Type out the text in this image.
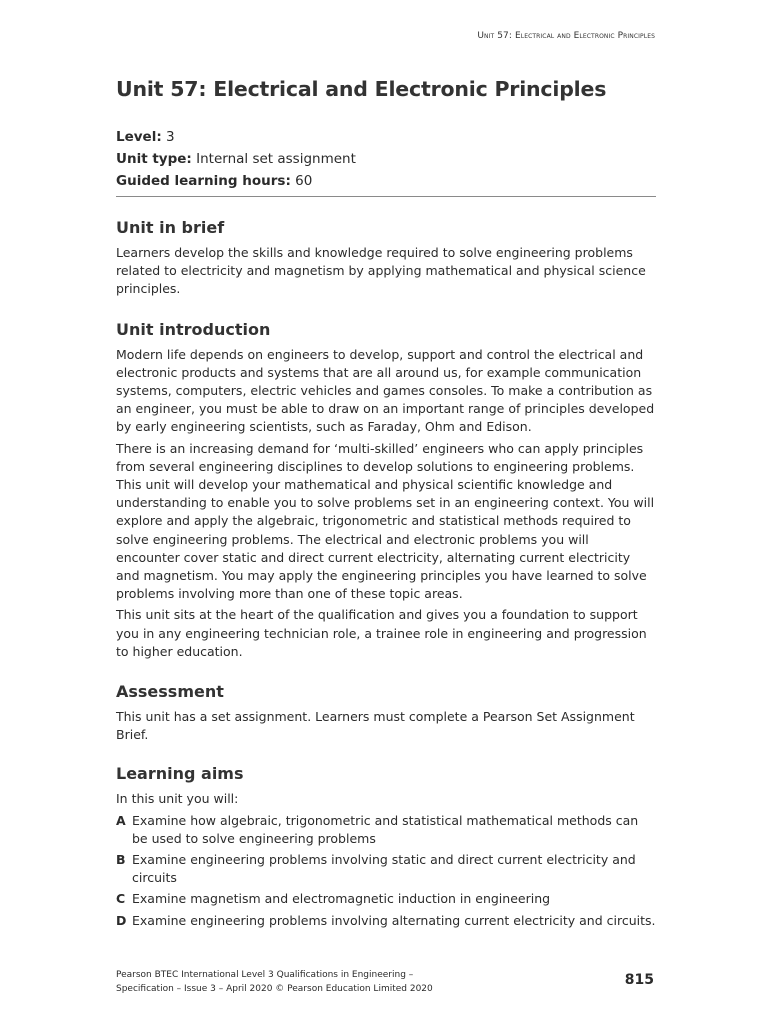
Unit 57: Electrical and Electronic Principles
Unit 57: Electrical and Electronic Principles
Level: 3
Unit type: Internal set assignment
Guided learning hours: 60
Unit in brief

Learners develop the skills and knowledge required to solve engineering problems related to electricity and magnetism by applying mathematical and physical science principles.

Unit introduction

Modern life depends on engineers to develop, support and control the electrical and electronic products and systems that are all around us, for example communication systems, computers, electric vehicles and games consoles. To make a contribution as an engineer, you must be able to draw on an important range of principles developed by early engineering scientists, such as Faraday, Ohm and Edison.

There is an increasing demand for ‘multi-skilled’ engineers who can apply principles from several engineering disciplines to develop solutions to engineering problems. This unit will develop your mathematical and physical scientific knowledge and understanding to enable you to solve problems set in an engineering context. You will explore and apply the algebraic, trigonometric and statistical methods required to solve engineering problems. The electrical and electronic problems you will encounter cover static and direct current electricity, alternating current electricity and magnetism. You may apply the engineering principles you have learned to solve problems involving more than one of these topic areas.

This unit sits at the heart of the qualification and gives you a foundation to support you in any engineering technician role, a trainee role in engineering and progression to higher education.

Assessment

This unit has a set assignment. Learners must complete a Pearson Set Assignment Brief.

Learning aims

In this unit you will:

A Examine how algebraic, trigonometric and statistical mathematical methods can be used to solve engineering problems
B Examine engineering problems involving static and direct current electricity and circuits
C Examine magnetism and electromagnetic induction in engineering
D Examine engineering problems involving alternating current electricity and circuits.
Pearson BTEC International Level 3 Qualifications in Engineering –
Specification – Issue 3 – April 2020 © Pearson Education Limited 2020
815
